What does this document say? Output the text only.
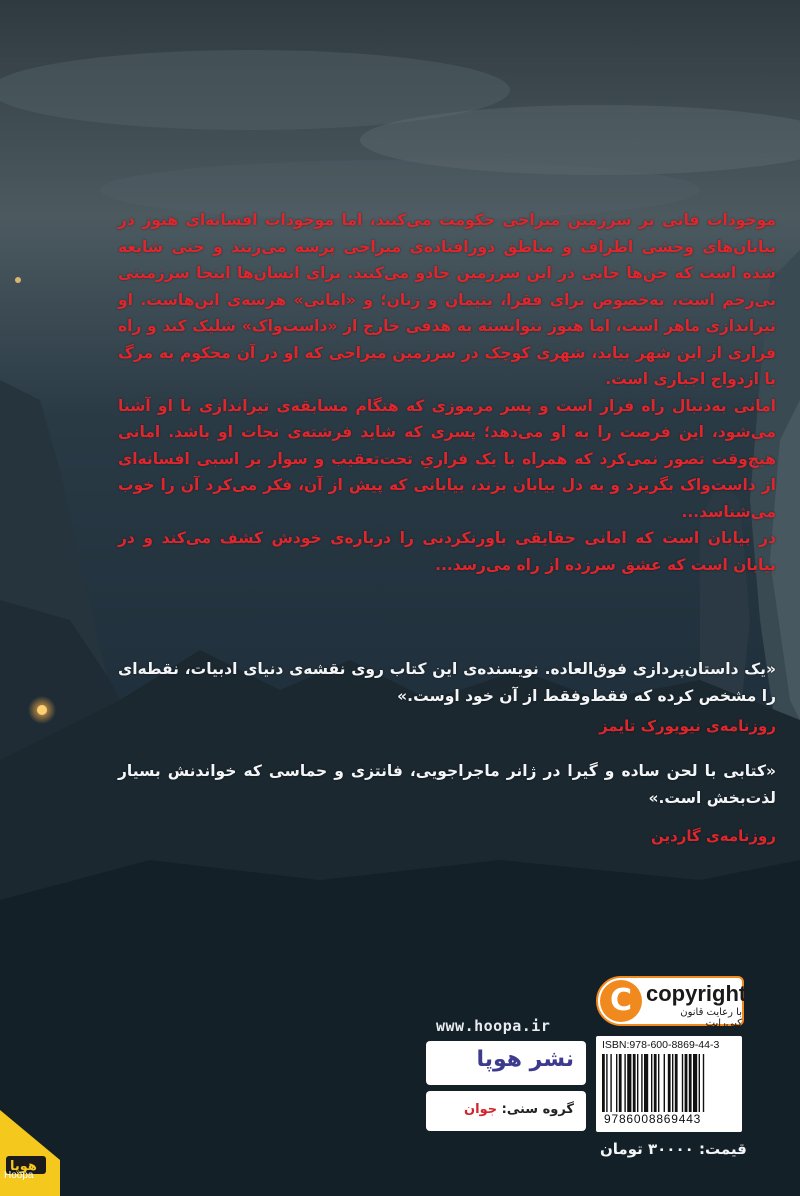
موجودات فانی بر سرزمین میراجی حکومت می‌کنند، اما موجودات افسانه‌ای هنوز در بیابان‌های وحشی اطراف و مناطق دورافتاده‌ی میراجی پرسه می‌زنند و حتی شایعه شده است که جن‌ها جایی در این سرزمین جادو می‌کنند. برای انسان‌ها اینجا سرزمینی بی‌رحم است، به‌خصوص برای فقرا، یتیمان و زنان؛ و «امانی» هرسه‌ی این‌هاست. او تیراندازی ماهر است، اما هنوز نتوانسته به هدفی خارج از «داست‌واک» شلیک کند و راه فراری از این شهر بیابد، شهری کوچک در سرزمین میراجی که او در آن محکوم به مرگ یا ازدواج اجباری است.

امانی به‌دنبال راه فرار است و پسر مرموزی که هنگام مسابقه‌ی تیراندازی با او آشنا می‌شود، این فرصت را به او می‌دهد؛ پسری که شاید فرشته‌ی نجات او باشد. امانی هیچ‌وقت تصور نمی‌کرد که همراه با یک فراریِ تحت‌تعقیب و سوار بر اسبی افسانه‌ای از داست‌واک بگریزد و به دل بیابان بزند، بیابانی که پیش از آن، فکر می‌کرد آن را خوب می‌شناسد...

در بیابان است که امانی حقایقی باورنکردنی را درباره‌ی خودش کشف می‌کند و در بیابان است که عشق سرزده از راه می‌رسد...

«یک داستان‌پردازی فوق‌العاده. نویسنده‌ی این کتاب روی نقشه‌ی دنیای ادبیات، نقطه‌ای را مشخص کرده که فقط‌وفقط از آن خود اوست.»
روزنامه‌ی نیویورک تایمز
«کتابی با لحن ساده و گیرا در ژانر ماجراجویی، فانتزی و حماسی که خواندنش بسیار لذت‌بخش است.»
روزنامه‌ی گاردین
C copyright
با رعایت قانون کپی‌رایت
www.hoopa.ir
نشر هوپا
گروه سنی: جوان
ISBN:978-600-8869-44-3
9786008869443
قیمت: ۳۰۰۰۰ تومان
هوپا
Hoopa
